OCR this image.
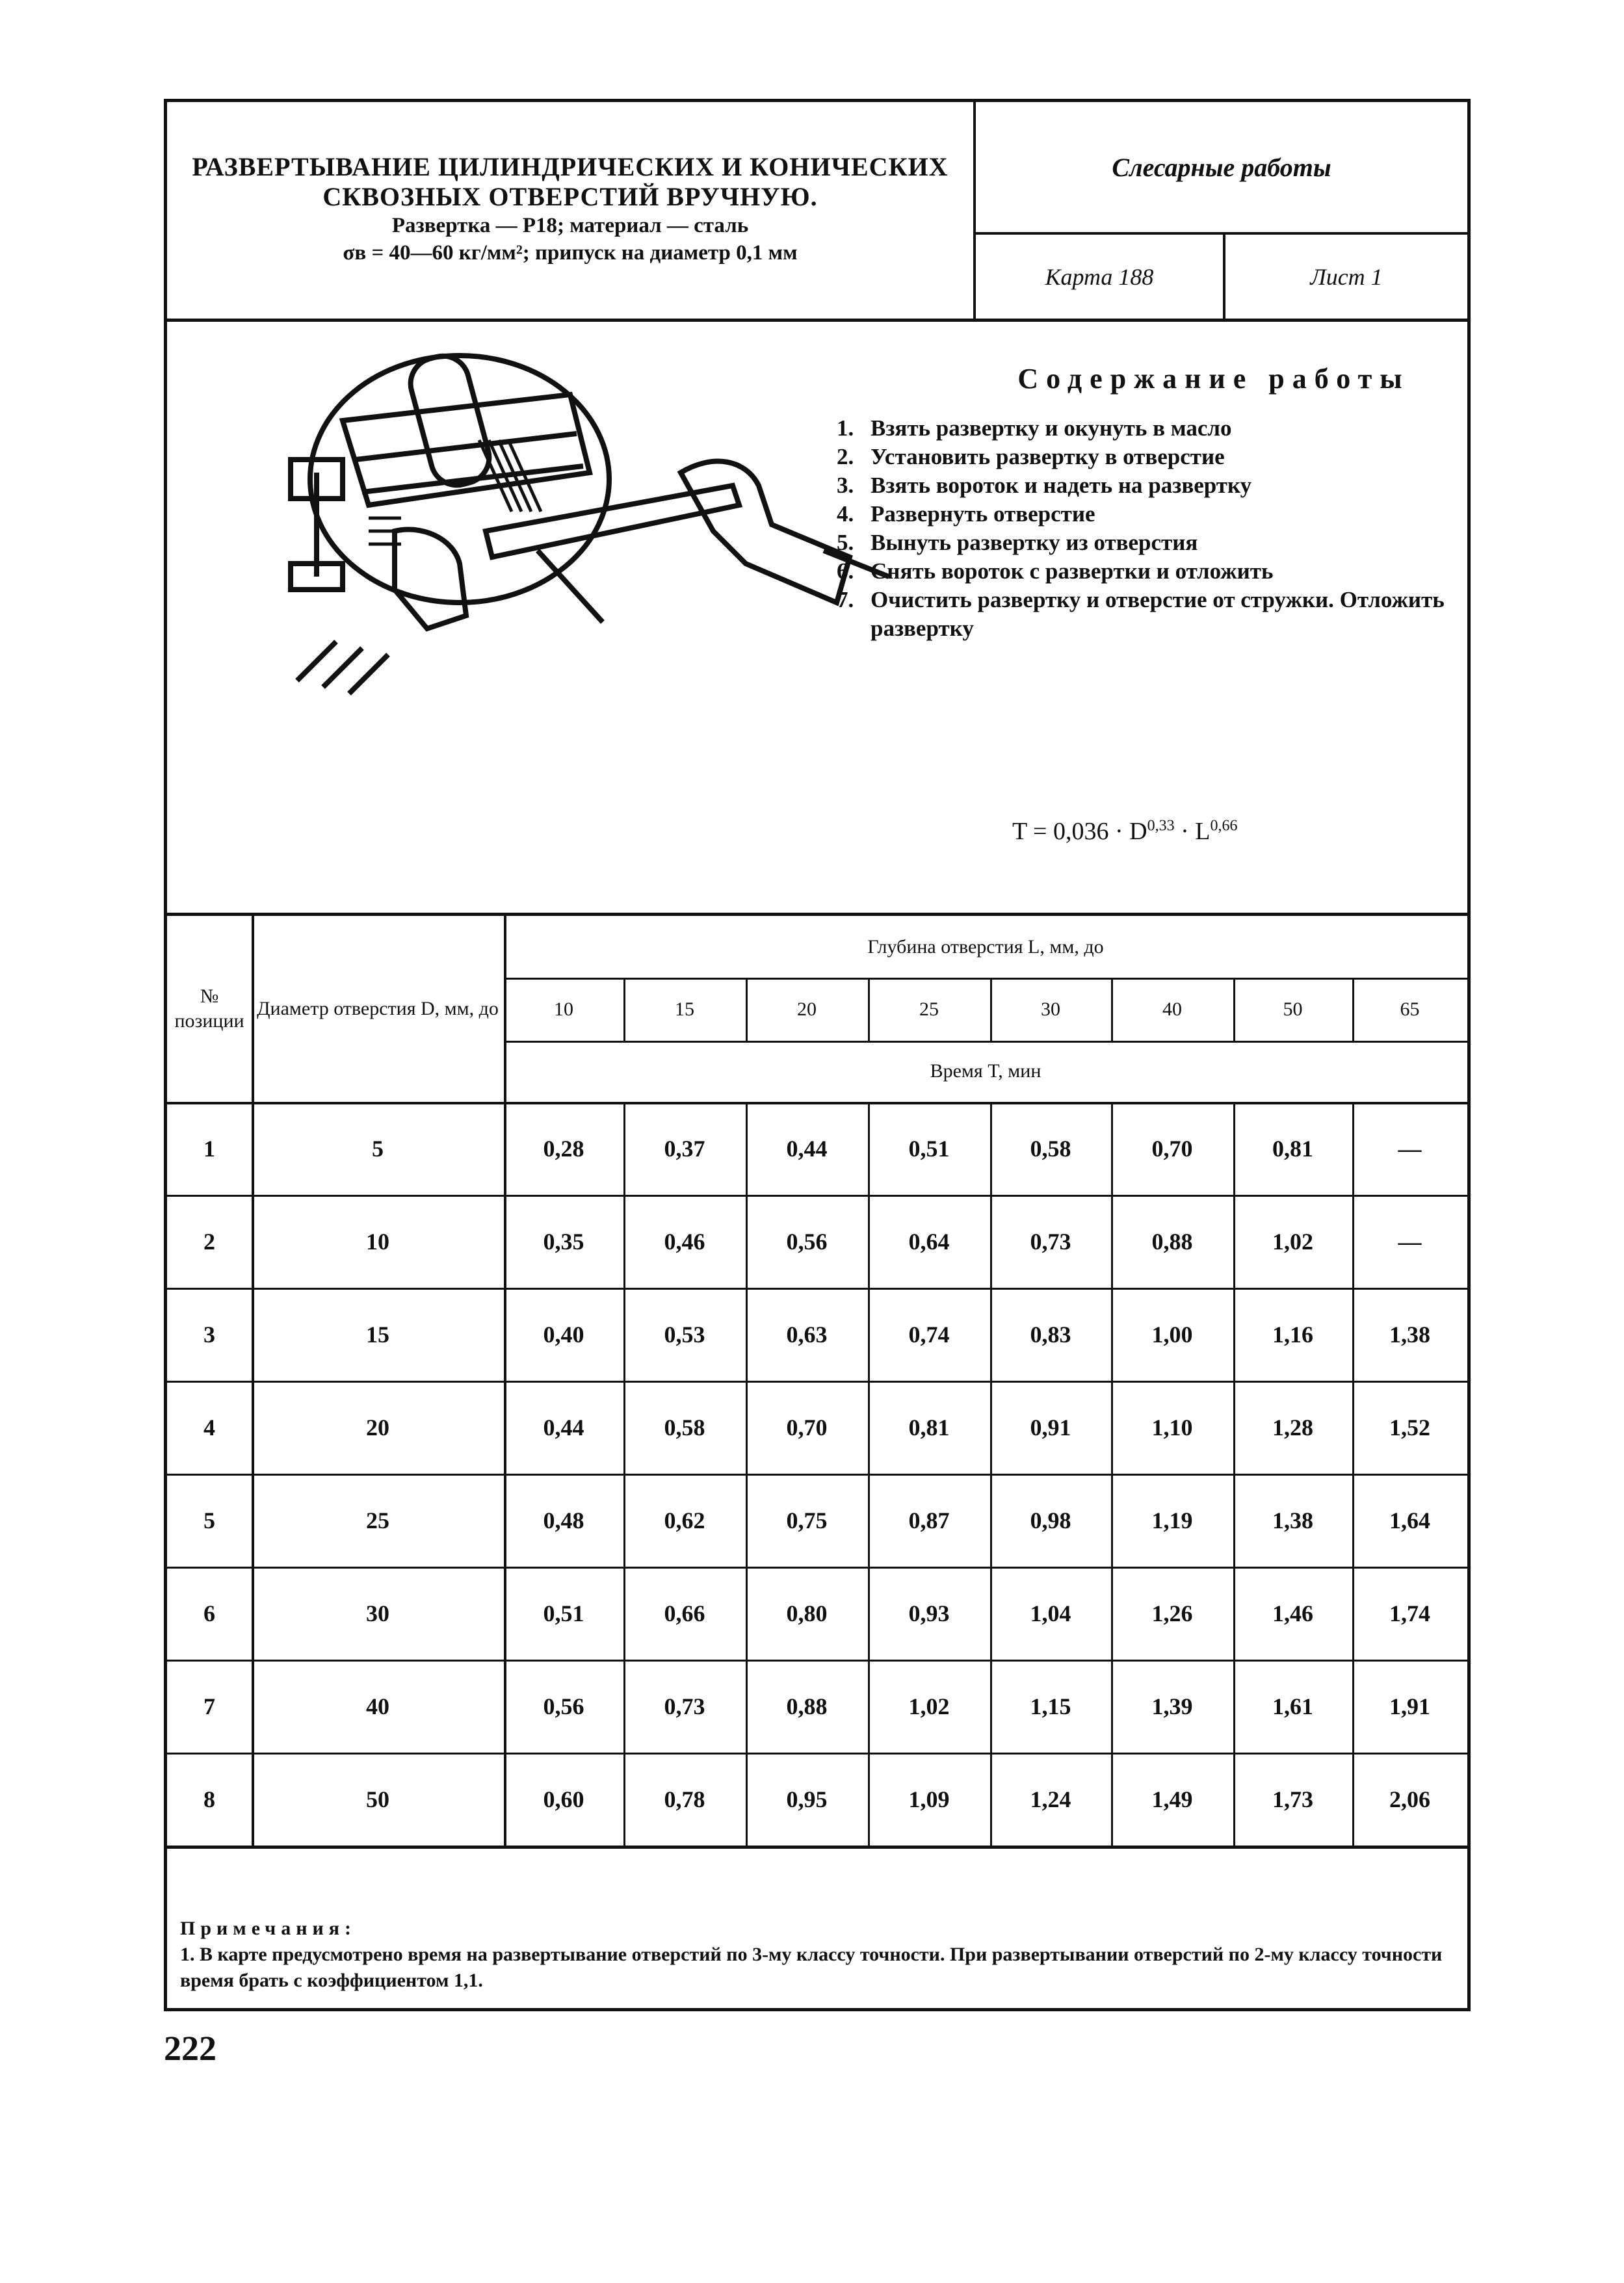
РАЗВЕРТЫВАНИЕ ЦИЛИНДРИЧЕСКИХ И КОНИЧЕСКИХ
СКВОЗНЫХ ОТВЕРСТИЙ ВРУЧНУЮ.
Развертка — Р18; материал — сталь
σв = 40—60 кг/мм²; припуск на диаметр 0,1 мм
Слесарные работы
Карта 188	Лист 1
Содержание работы
1. Взять развертку и окунуть в масло
2. Установить развертку в отверстие
3. Взять вороток и надеть на развертку
4. Развернуть отверстие
5. Вынуть развертку из отверстия
6. Снять вороток с развертки и отложить
7. Очистить развертку и отверстие от стружки. Отложить развертку
T = 0,036 · D$^{0,33}$ · L$^{0,66}$
№ позиции
Диаметр отверстия D, мм, до
Глубина отверстия L, мм, до
10	15	20	25	30	40	50	65
Время T, мин
1	5	0,28	0,37	0,44	0,51	0,58	0,70	0,81	—
2	10	0,35	0,46	0,56	0,64	0,73	0,88	1,02	—
3	15	0,40	0,53	0,63	0,74	0,83	1,00	1,16	1,38
4	20	0,44	0,58	0,70	0,81	0,91	1,10	1,28	1,52
5	25	0,48	0,62	0,75	0,87	0,98	1,19	1,38	1,64
6	30	0,51	0,66	0,80	0,93	1,04	1,26	1,46	1,74
7	40	0,56	0,73	0,88	1,02	1,15	1,39	1,61	1,91
8	50	0,60	0,78	0,95	1,09	1,24	1,49	1,73	2,06
Примечания:
1. В карте предусмотрено время на развертывание отверстий по 3-му классу точности. При развертывании отверстий по 2-му классу точности время брать с коэффициентом 1,1.
222
